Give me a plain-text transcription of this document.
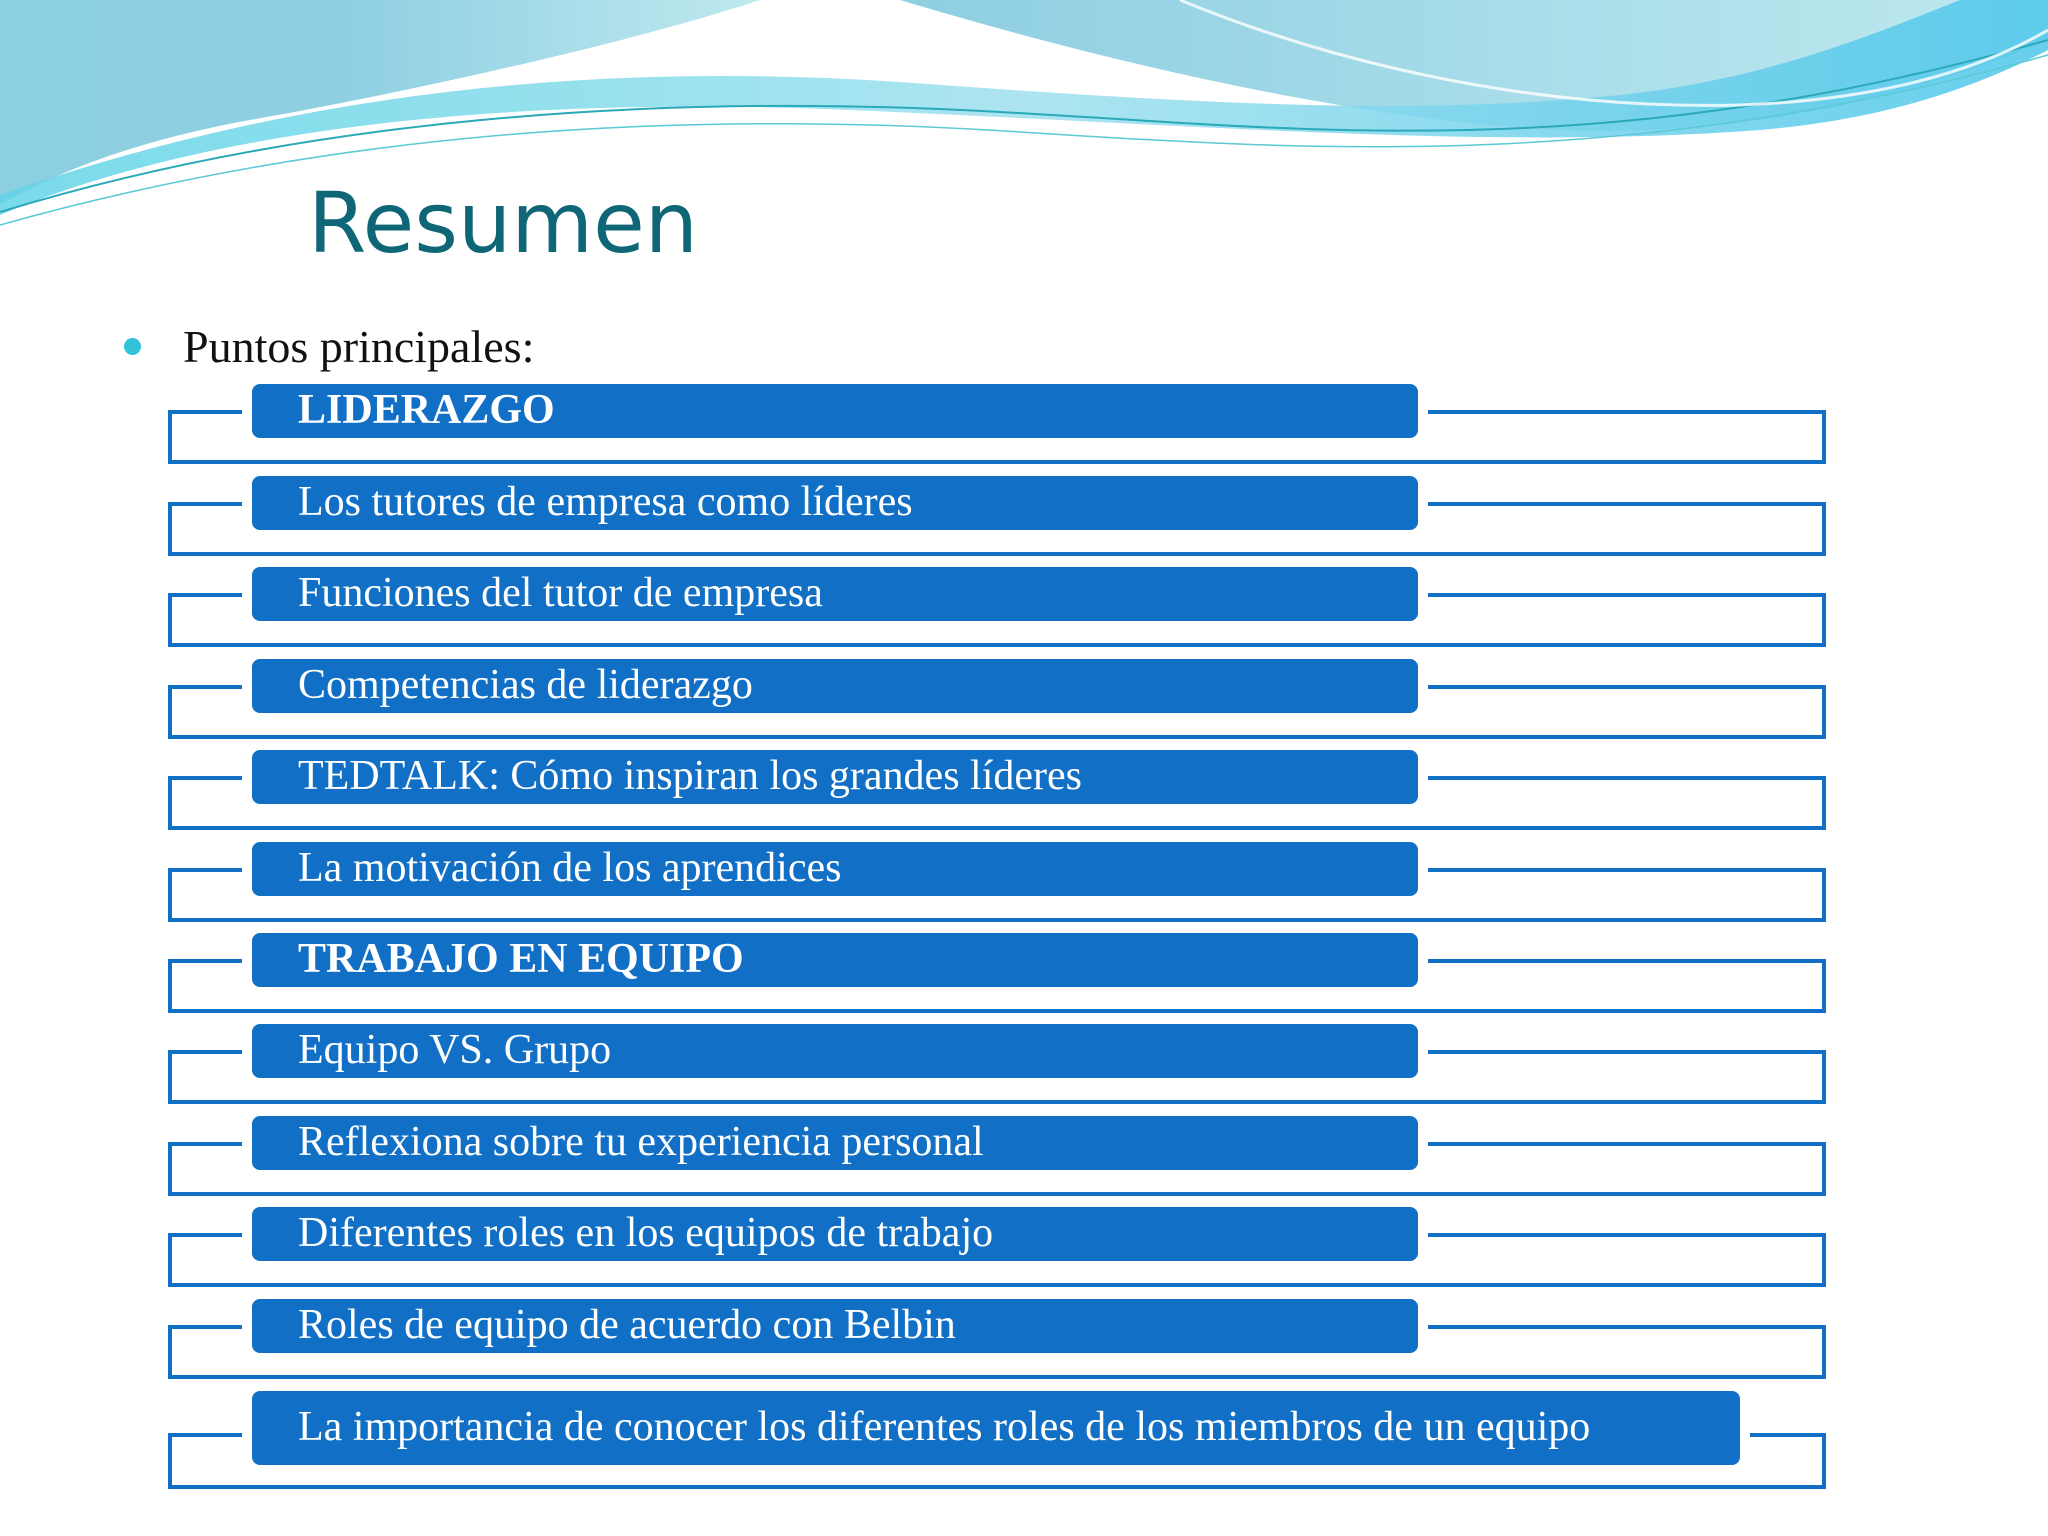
Resumen
Puntos principales:
LIDERAZGO
Los tutores de empresa como líderes
Funciones del tutor de empresa
Competencias de liderazgo
TEDTALK: Cómo inspiran los grandes líderes
La motivación de los aprendices
TRABAJO EN EQUIPO
Equipo VS. Grupo
Reflexiona sobre tu experiencia personal
Diferentes roles en los equipos de trabajo
Roles de equipo de acuerdo con Belbin
La importancia de conocer los diferentes roles de los miembros de un equipo
